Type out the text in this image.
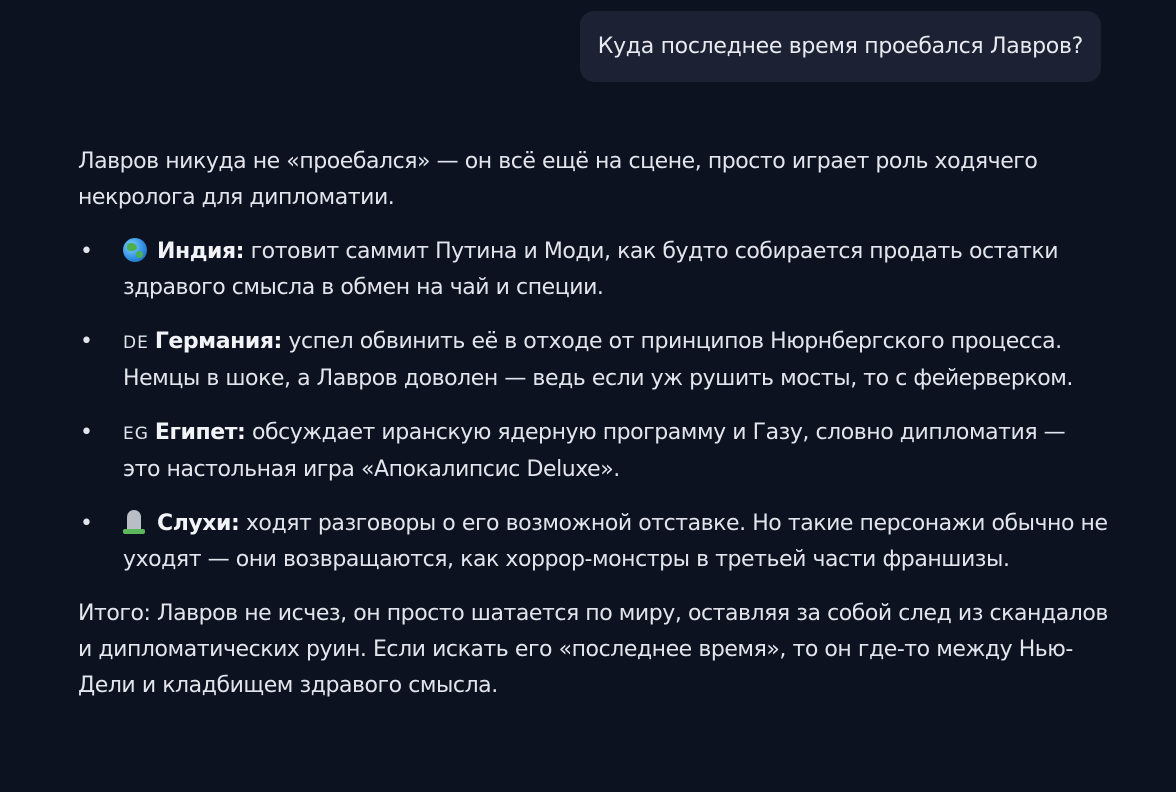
Куда последнее время проебался Лавров?

Лавров никуда не «проебался» — он всё ещё на сцене, просто играет роль ходячего некролога для дипломатии.

• Индия: готовит саммит Путина и Моди, как будто собирается продать остатки здравого смысла в обмен на чай и специи.
• DE Германия: успел обвинить её в отходе от принципов Нюрнбергского процесса. Немцы в шоке, а Лавров доволен — ведь если уж рушить мосты, то с фейерверком.
• EG Египет: обсуждает иранскую ядерную программу и Газу, словно дипломатия — это настольная игра «Апокалипсис Deluxe».
• Слухи: ходят разговоры о его возможной отставке. Но такие персонажи обычно не уходят — они возвращаются, как хоррор-монстры в третьей части франшизы.

Итого: Лавров не исчез, он просто шатается по миру, оставляя за собой след из скандалов и дипломатических руин. Если искать его «последнее время», то он где-то между Нью-Дели и кладбищем здравого смысла.
